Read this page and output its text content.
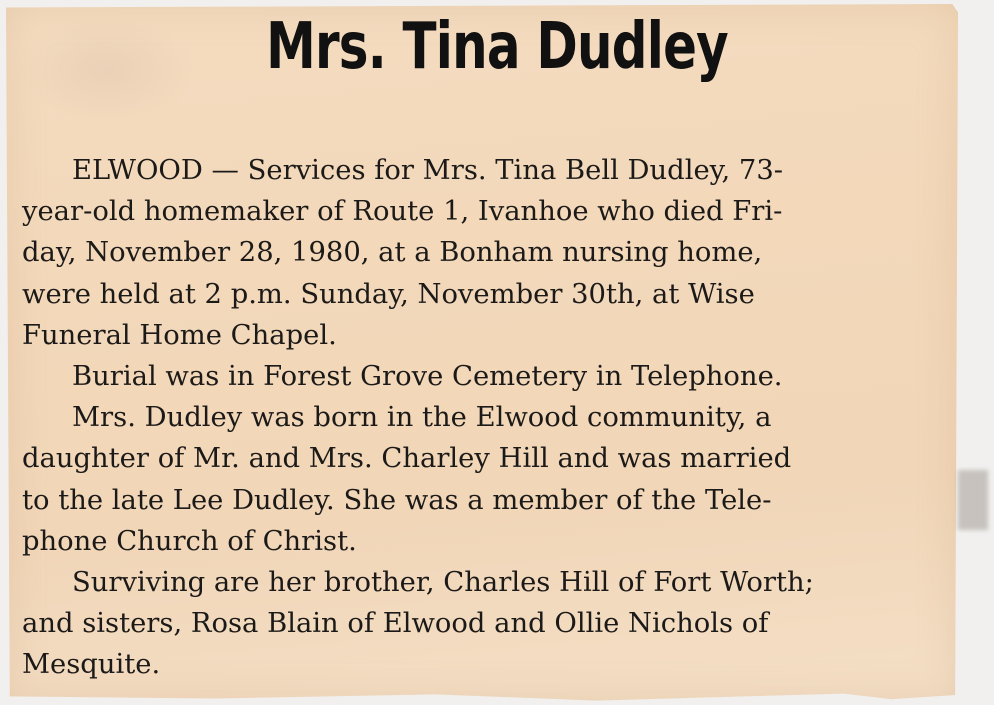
Mrs. Tina Dudley

ELWOOD — Services for Mrs. Tina Bell Dudley, 73-
year-old homemaker of Route 1, Ivanhoe who died Fri-
day, November 28, 1980, at a Bonham nursing home,
were held at 2 p.m. Sunday, November 30th, at Wise
Funeral Home Chapel.

Burial was in Forest Grove Cemetery in Telephone.

Mrs. Dudley was born in the Elwood community, a
daughter of Mr. and Mrs. Charley Hill and was married
to the late Lee Dudley. She was a member of the Tele-
phone Church of Christ.

Surviving are her brother, Charles Hill of Fort Worth;
and sisters, Rosa Blain of Elwood and Ollie Nichols of
Mesquite.
